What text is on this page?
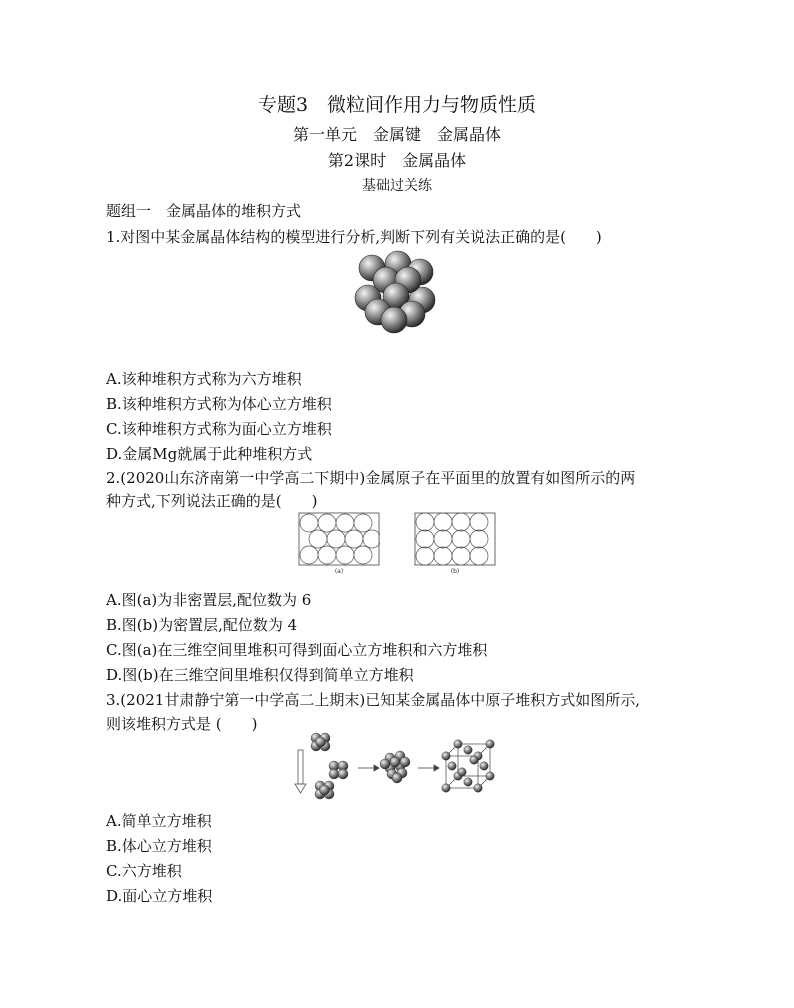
专题3　微粒间作用力与物质性质
第一单元　金属键　金属晶体
第2课时　金属晶体
基础过关练
题组一　金属晶体的堆积方式
1.对图中某金属晶体结构的模型进行分析,判断下列有关说法正确的是(　　)
A.该种堆积方式称为六方堆积
B.该种堆积方式称为体心立方堆积
C.该种堆积方式称为面心立方堆积
D.金属Mg就属于此种堆积方式
2.(2020山东济南第一中学高二下期中)金属原子在平面里的放置有如图所示的两
种方式,下列说法正确的是(　　)
(a)	(b)
A.图(a)为非密置层,配位数为 6
B.图(b)为密置层,配位数为 4
C.图(a)在三维空间里堆积可得到面心立方堆积和六方堆积
D.图(b)在三维空间里堆积仅得到简单立方堆积
3.(2021甘肃静宁第一中学高二上期末)已知某金属晶体中原子堆积方式如图所示,
则该堆积方式是 (　　)
A.简单立方堆积
B.体心立方堆积
C.六方堆积
D.面心立方堆积
